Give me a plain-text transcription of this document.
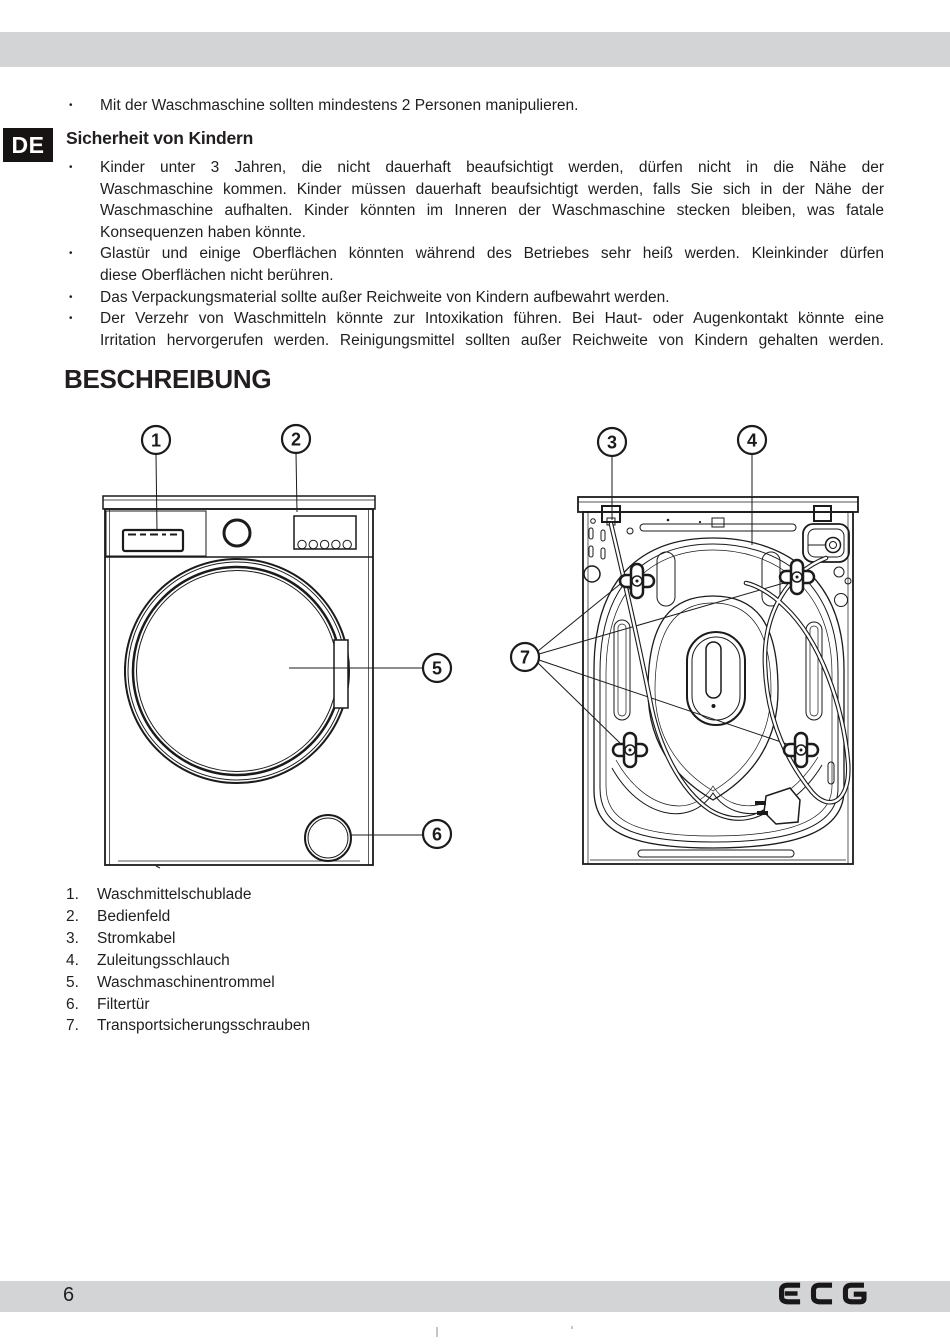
•	Mit der Waschmaschine sollten mindestens 2 Personen manipulieren.
DE	Sicherheit von Kindern
•	Kinder unter 3 Jahren, die nicht dauerhaft beaufsichtigt werden, dürfen nicht in die Nähe der
Waschmaschine kommen. Kinder müssen dauerhaft beaufsichtigt werden, falls Sie sich in der Nähe der
Waschmaschine aufhalten. Kinder könnten im Inneren der Waschmaschine stecken bleiben, was fatale
Konsequenzen haben könnte.
•	Glastür und einige Oberflächen könnten während des Betriebes sehr heiß werden. Kleinkinder dürfen
diese Oberflächen nicht berühren.
•	Das Verpackungsmaterial sollte außer Reichweite von Kindern aufbewahrt werden.
•	Der Verzehr von Waschmitteln könnte zur Intoxikation führen. Bei Haut- oder Augenkontakt könnte eine
Irritation hervorgerufen werden. Reinigungsmittel sollten außer Reichweite von Kindern gehalten werden.
BESCHREIBUNG
1	2
5
6
3	4
7
1.	Waschmittelschublade
2.	Bedienfeld
3.	Stromkabel
4.	Zuleitungsschlauch
5.	Waschmaschinentrommel
6.	Filtertür
7.	Transportsicherungsschrauben
6
